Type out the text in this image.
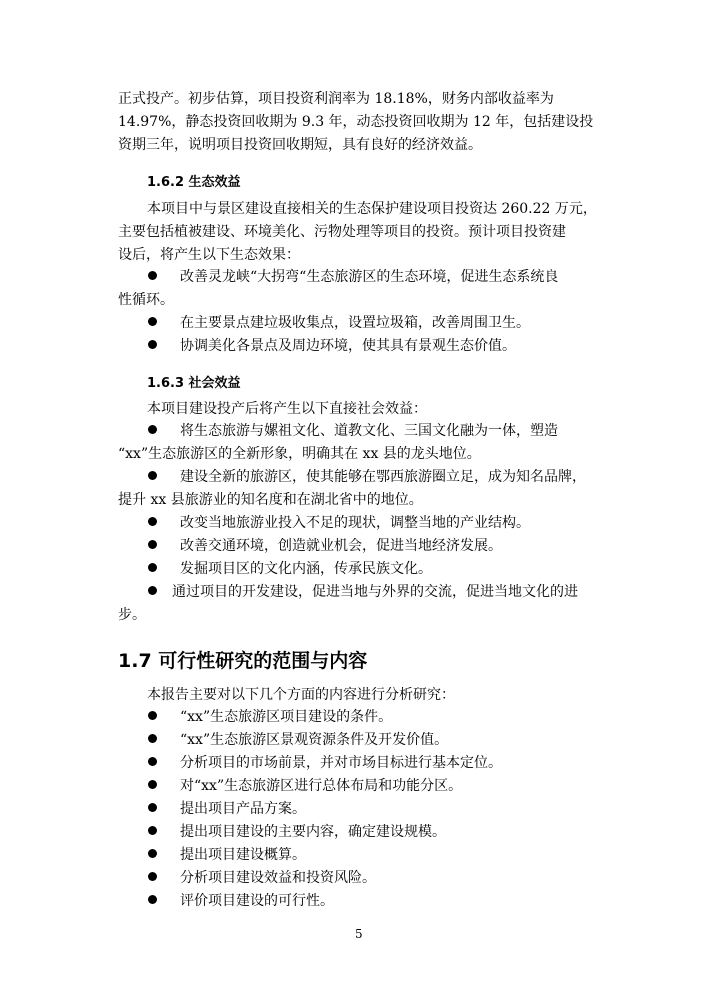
正式投产。初步估算，项目投资利润率为 18.18%，财务内部收益率为
14.97%，静态投资回收期为 9.3 年，动态投资回收期为 12 年，包括建设投
资期三年，说明项目投资回收期短，具有良好的经济效益。
1.6.2 生态效益
本项目中与景区建设直接相关的生态保护建设项目投资达 260.22 万元，
主要包括植被建设、环境美化、污物处理等项目的投资。预计项目投资建
设后，将产生以下生态效果：
改善灵龙峡“大拐弯“生态旅游区的生态环境，促进生态系统良
性循环。
在主要景点建垃圾收集点，设置垃圾箱，改善周围卫生。
协调美化各景点及周边环境，使其具有景观生态价值。
1.6.3 社会效益
本项目建设投产后将产生以下直接社会效益：
将生态旅游与嫘祖文化、道教文化、三国文化融为一体，塑造
“xx”生态旅游区的全新形象，明确其在 xx 县的龙头地位。
建设全新的旅游区，使其能够在鄂西旅游圈立足，成为知名品牌，
提升 xx 县旅游业的知名度和在湖北省中的地位。
改变当地旅游业投入不足的现状，调整当地的产业结构。
改善交通环境，创造就业机会，促进当地经济发展。
发掘项目区的文化内涵，传承民族文化。
通过项目的开发建设，促进当地与外界的交流，促进当地文化的进
步。
1.7 可行性研究的范围与内容
本报告主要对以下几个方面的内容进行分析研究：
“xx”生态旅游区项目建设的条件。
“xx”生态旅游区景观资源条件及开发价值。
分析项目的市场前景，并对市场目标进行基本定位。
对“xx”生态旅游区进行总体布局和功能分区。
提出项目产品方案。
提出项目建设的主要内容，确定建设规模。
提出项目建设概算。
分析项目建设效益和投资风险。
评价项目建设的可行性。
5
